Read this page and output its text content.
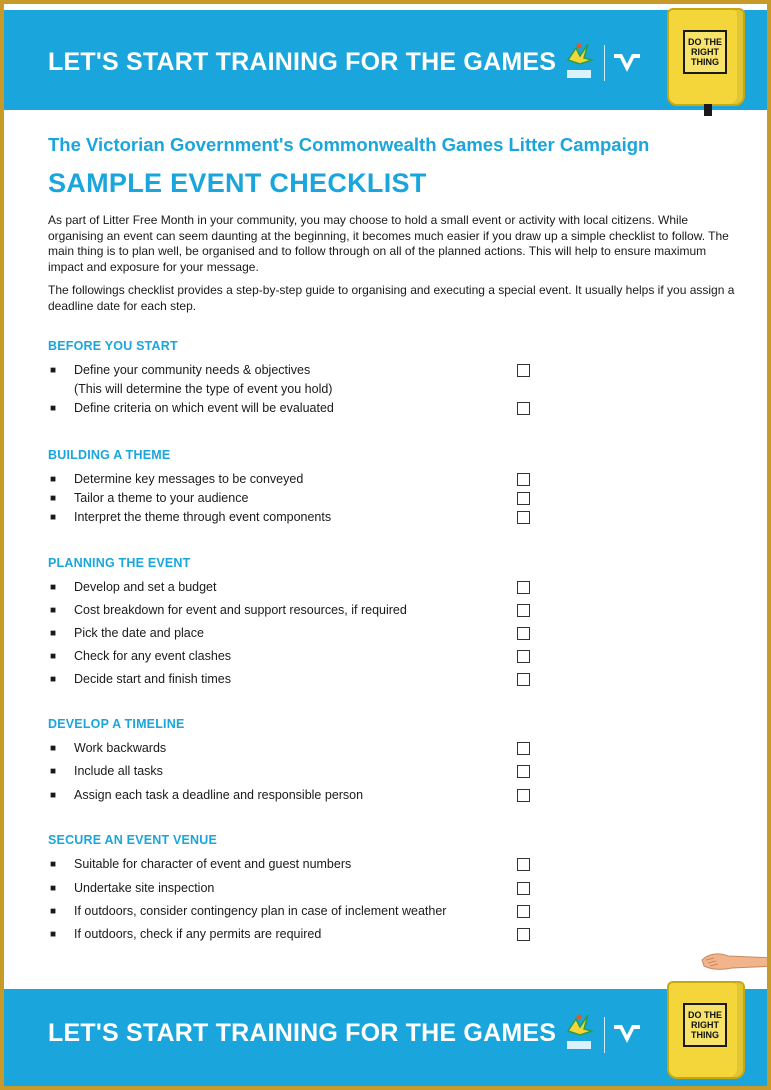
LET'S START TRAINING FOR THE GAMES
DO THE
RIGHT
THING
The Victorian Government's Commonwealth Games Litter Campaign
SAMPLE EVENT CHECKLIST

As part of Litter Free Month in your community, you may choose to hold a small event or activity with local citizens. While organising an event can seem daunting at the beginning, it becomes much easier if you draw up a simple checklist to follow. The main thing is to plan well, be organised and to follow through on all of the planned actions. This will help to ensure maximum impact and exposure for your message.

The followings checklist provides a step-by-step guide to organising and executing a special event. It usually helps if you assign a deadline date for each step.

BEFORE YOU START
■ Define your community needs & objectives
(This will determine the type of event you hold)
■ Define criteria on which event will be evaluated
BUILDING A THEME
■ Determine key messages to be conveyed
■ Tailor a theme to your audience
■ Interpret the theme through event components
PLANNING THE EVENT
■ Develop and set a budget
■ Cost breakdown for event and support resources, if required
■ Pick the date and place
■ Check for any event clashes
■ Decide start and finish times
DEVELOP A TIMELINE
■ Work backwards
■ Include all tasks
■ Assign each task a deadline and responsible person
SECURE AN EVENT VENUE
■ Suitable for character of event and guest numbers
■ Undertake site inspection
■ If outdoors, consider contingency plan in case of inclement weather
■ If outdoors, check if any permits are required
LET'S START TRAINING FOR THE GAMES
DO THE
RIGHT
THING
